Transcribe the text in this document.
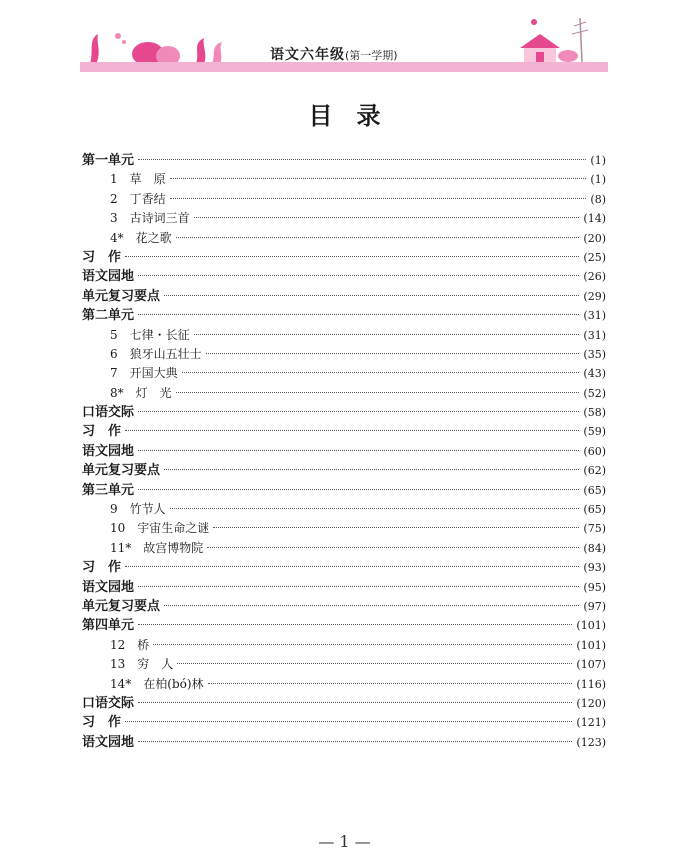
语文六年级(第一学期)
目录
第一单元	(1)
1　草　原	(1)
2　丁香结	(8)
3　古诗词三首	(14)
4*　花之歌	(20)
习　作	(25)
语文园地	(26)
单元复习要点	(29)
第二单元	(31)
5　七律・长征	(31)
6　狼牙山五壮士	(35)
7　开国大典	(43)
8*　灯　光	(52)
口语交际	(58)
习　作	(59)
语文园地	(60)
单元复习要点	(62)
第三单元	(65)
9　竹节人	(65)
10　宇宙生命之谜	(75)
11*　故宫博物院	(84)
习　作	(93)
语文园地	(95)
单元复习要点	(97)
第四单元	(101)
12　桥	(101)
13　穷　人	(107)
14*　在柏(bó)林	(116)
口语交际	(120)
习　作	(121)
语文园地	(123)
— 1 —
